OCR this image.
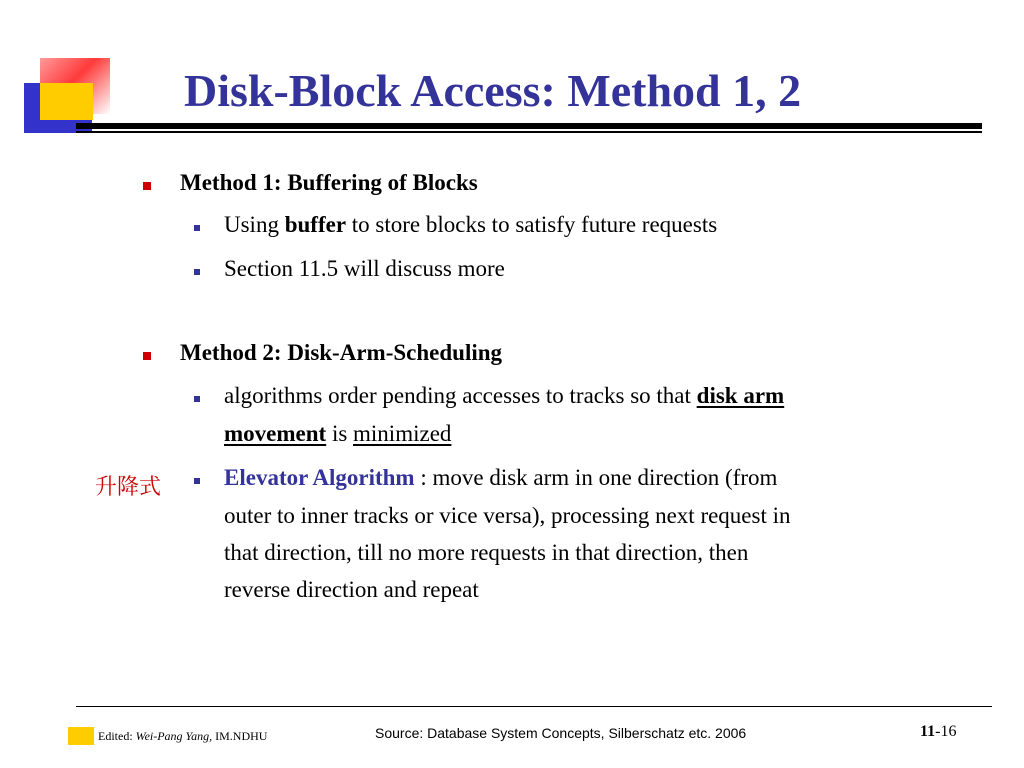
Disk-Block Access: Method 1, 2
Method 1: Buffering of Blocks
Using buffer to store blocks to satisfy future requests
Section 11.5 will discuss more
Method 2: Disk-Arm-Scheduling
algorithms order pending accesses to tracks so that disk arm
movement is minimized
升降式	Elevator Algorithm : move disk arm in one direction (from
outer to inner tracks or vice versa), processing next request in
that direction, till no more requests in that direction, then
reverse direction and repeat
Edited: Wei-Pang Yang, IM.NDHU	Source: Database System Concepts, Silberschatz etc. 2006	11-16
